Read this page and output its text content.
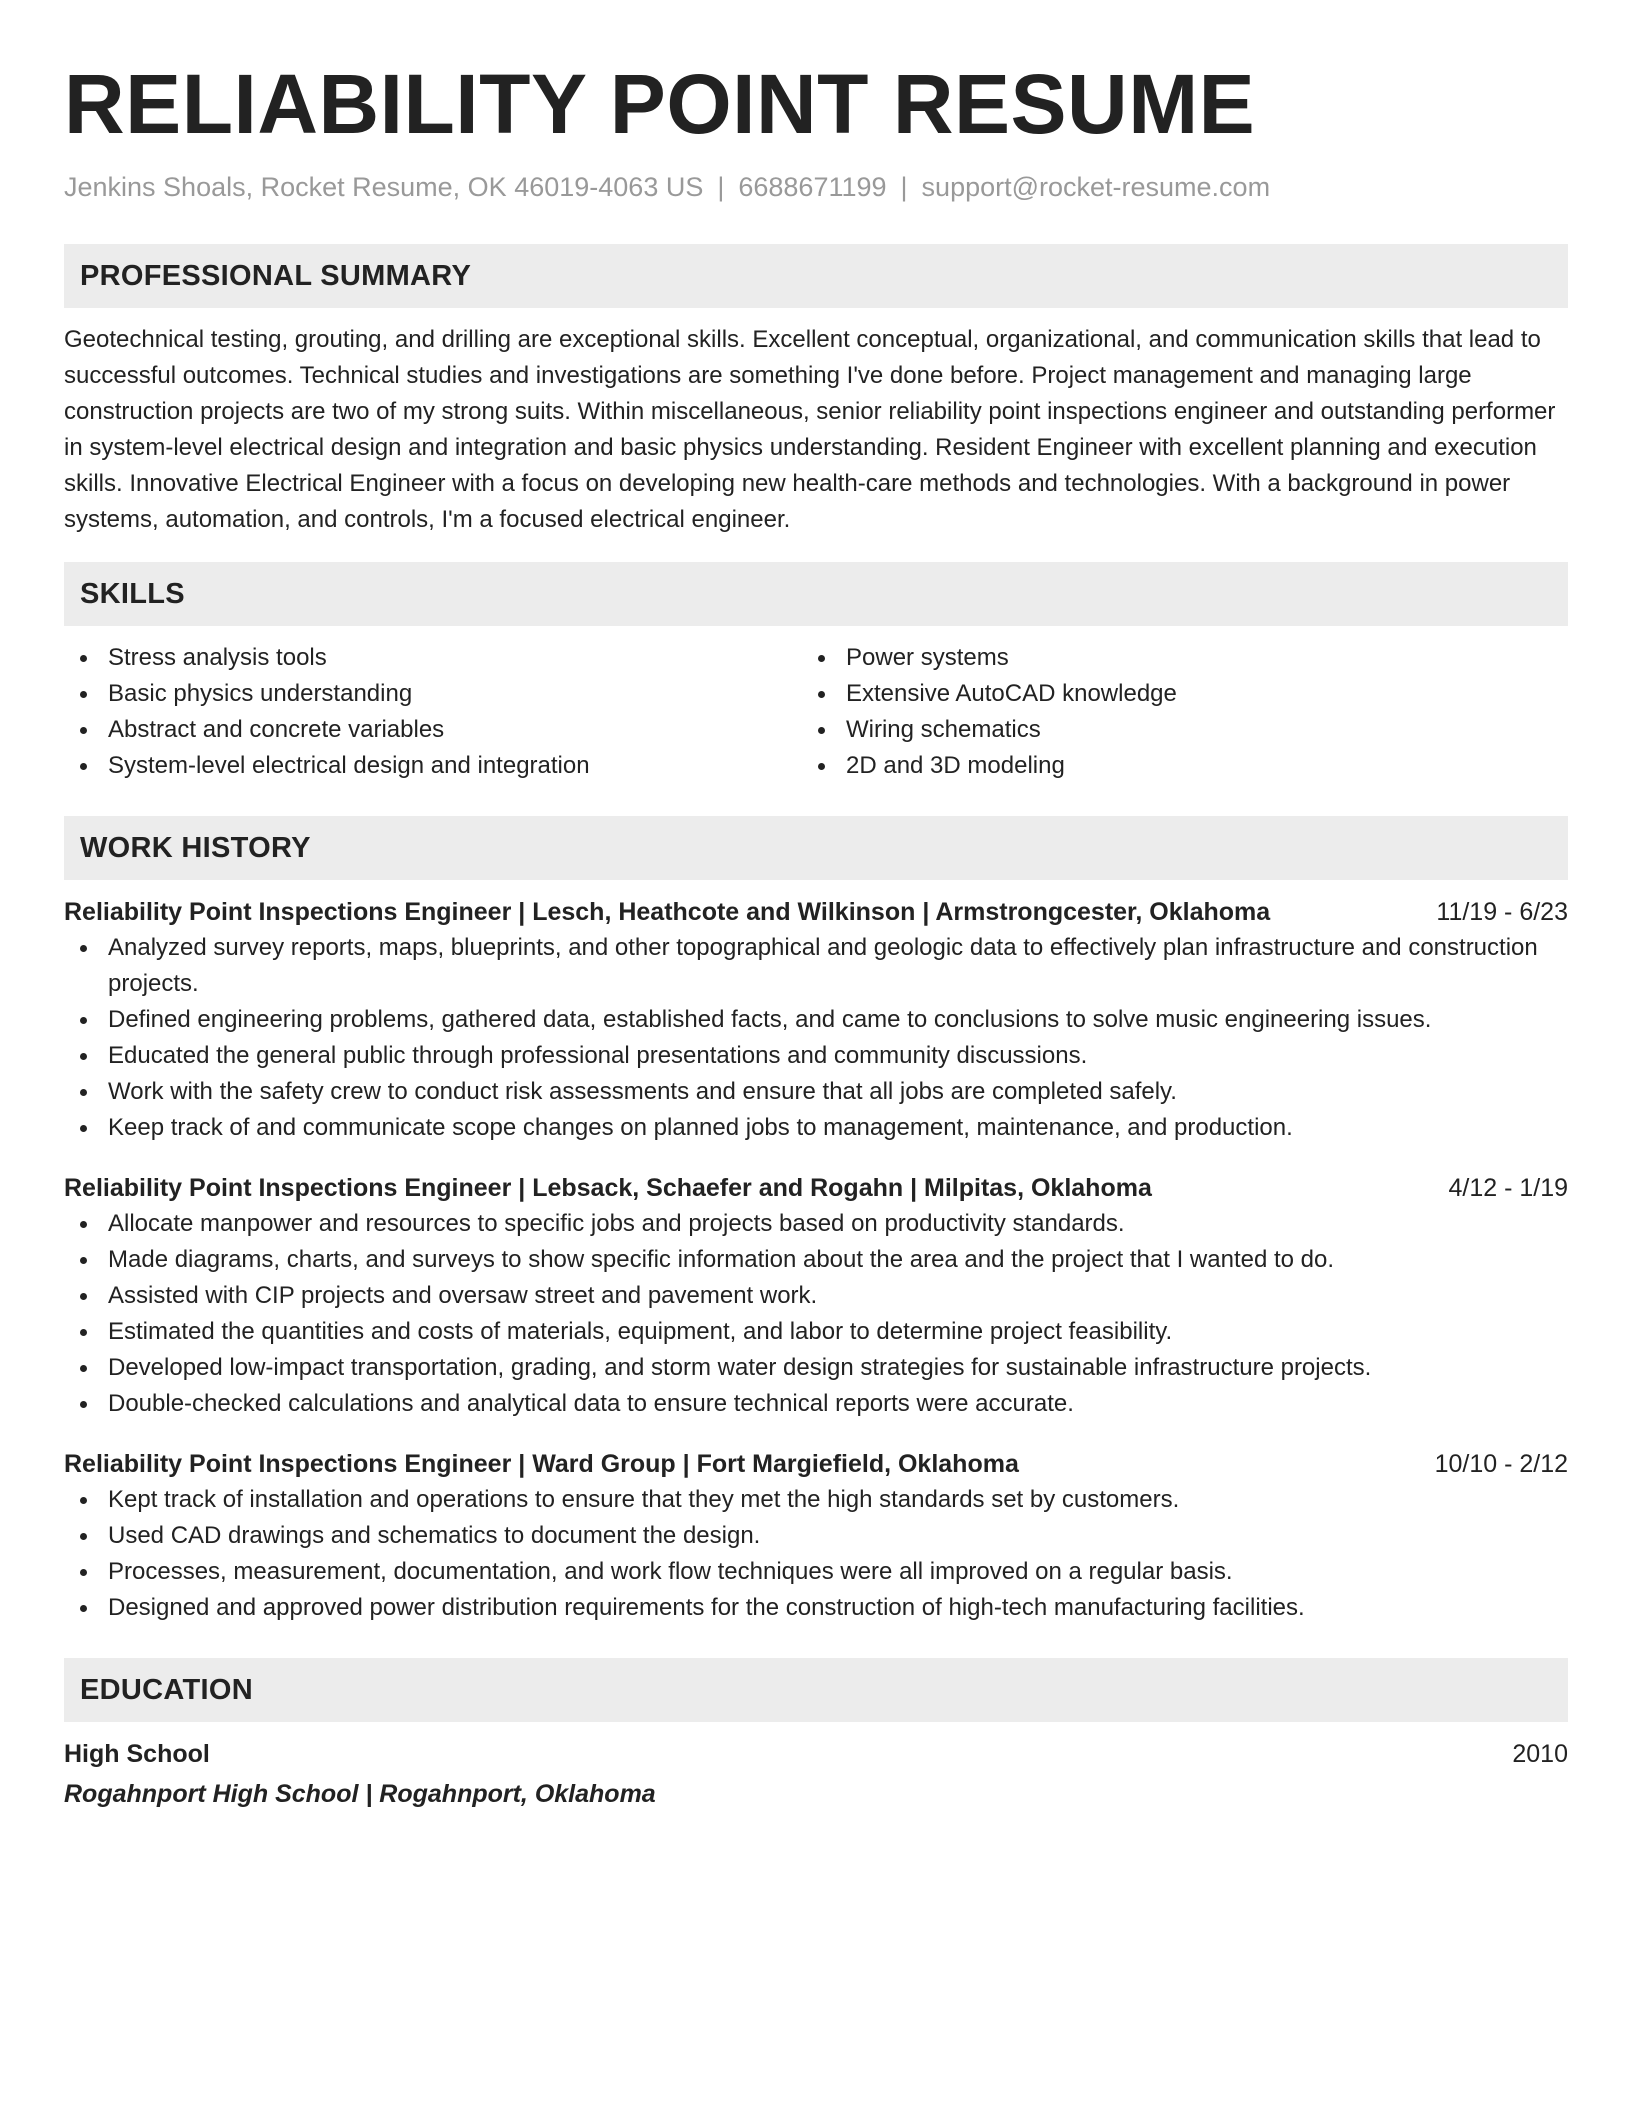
RELIABILITY POINT RESUME
Jenkins Shoals, Rocket Resume, OK 46019-4063 US | 6688671199 | support@rocket-resume.com
PROFESSIONAL SUMMARY

Geotechnical testing, grouting, and drilling are exceptional skills. Excellent conceptual, organizational, and communication skills that lead to successful outcomes. Technical studies and investigations are something I've done before. Project management and managing large construction projects are two of my strong suits. Within miscellaneous, senior reliability point inspections engineer and outstanding performer in system-level electrical design and integration and basic physics understanding. Resident Engineer with excellent planning and execution skills. Innovative Electrical Engineer with a focus on developing new health-care methods and technologies. With a background in power systems, automation, and controls, I'm a focused electrical engineer.

SKILLS
Stress analysis tools
Basic physics understanding
Abstract and concrete variables
System-level electrical design and integration
Power systems
Extensive AutoCAD knowledge
Wiring schematics
2D and 3D modeling
WORK HISTORY
Reliability Point Inspections Engineer | Lesch, Heathcote and Wilkinson | Armstrongcester, Oklahoma	11/19 - 6/23
Analyzed survey reports, maps, blueprints, and other topographical and geologic data to effectively plan infrastructure and construction projects.
Defined engineering problems, gathered data, established facts, and came to conclusions to solve music engineering issues.
Educated the general public through professional presentations and community discussions.
Work with the safety crew to conduct risk assessments and ensure that all jobs are completed safely.
Keep track of and communicate scope changes on planned jobs to management, maintenance, and production.
Reliability Point Inspections Engineer | Lebsack, Schaefer and Rogahn | Milpitas, Oklahoma	4/12 - 1/19
Allocate manpower and resources to specific jobs and projects based on productivity standards.
Made diagrams, charts, and surveys to show specific information about the area and the project that I wanted to do.
Assisted with CIP projects and oversaw street and pavement work.
Estimated the quantities and costs of materials, equipment, and labor to determine project feasibility.
Developed low-impact transportation, grading, and storm water design strategies for sustainable infrastructure projects.
Double-checked calculations and analytical data to ensure technical reports were accurate.
Reliability Point Inspections Engineer | Ward Group | Fort Margiefield, Oklahoma	10/10 - 2/12
Kept track of installation and operations to ensure that they met the high standards set by customers.
Used CAD drawings and schematics to document the design.
Processes, measurement, documentation, and work flow techniques were all improved on a regular basis.
Designed and approved power distribution requirements for the construction of high-tech manufacturing facilities.
EDUCATION
High School	2010
Rogahnport High School | Rogahnport, Oklahoma
